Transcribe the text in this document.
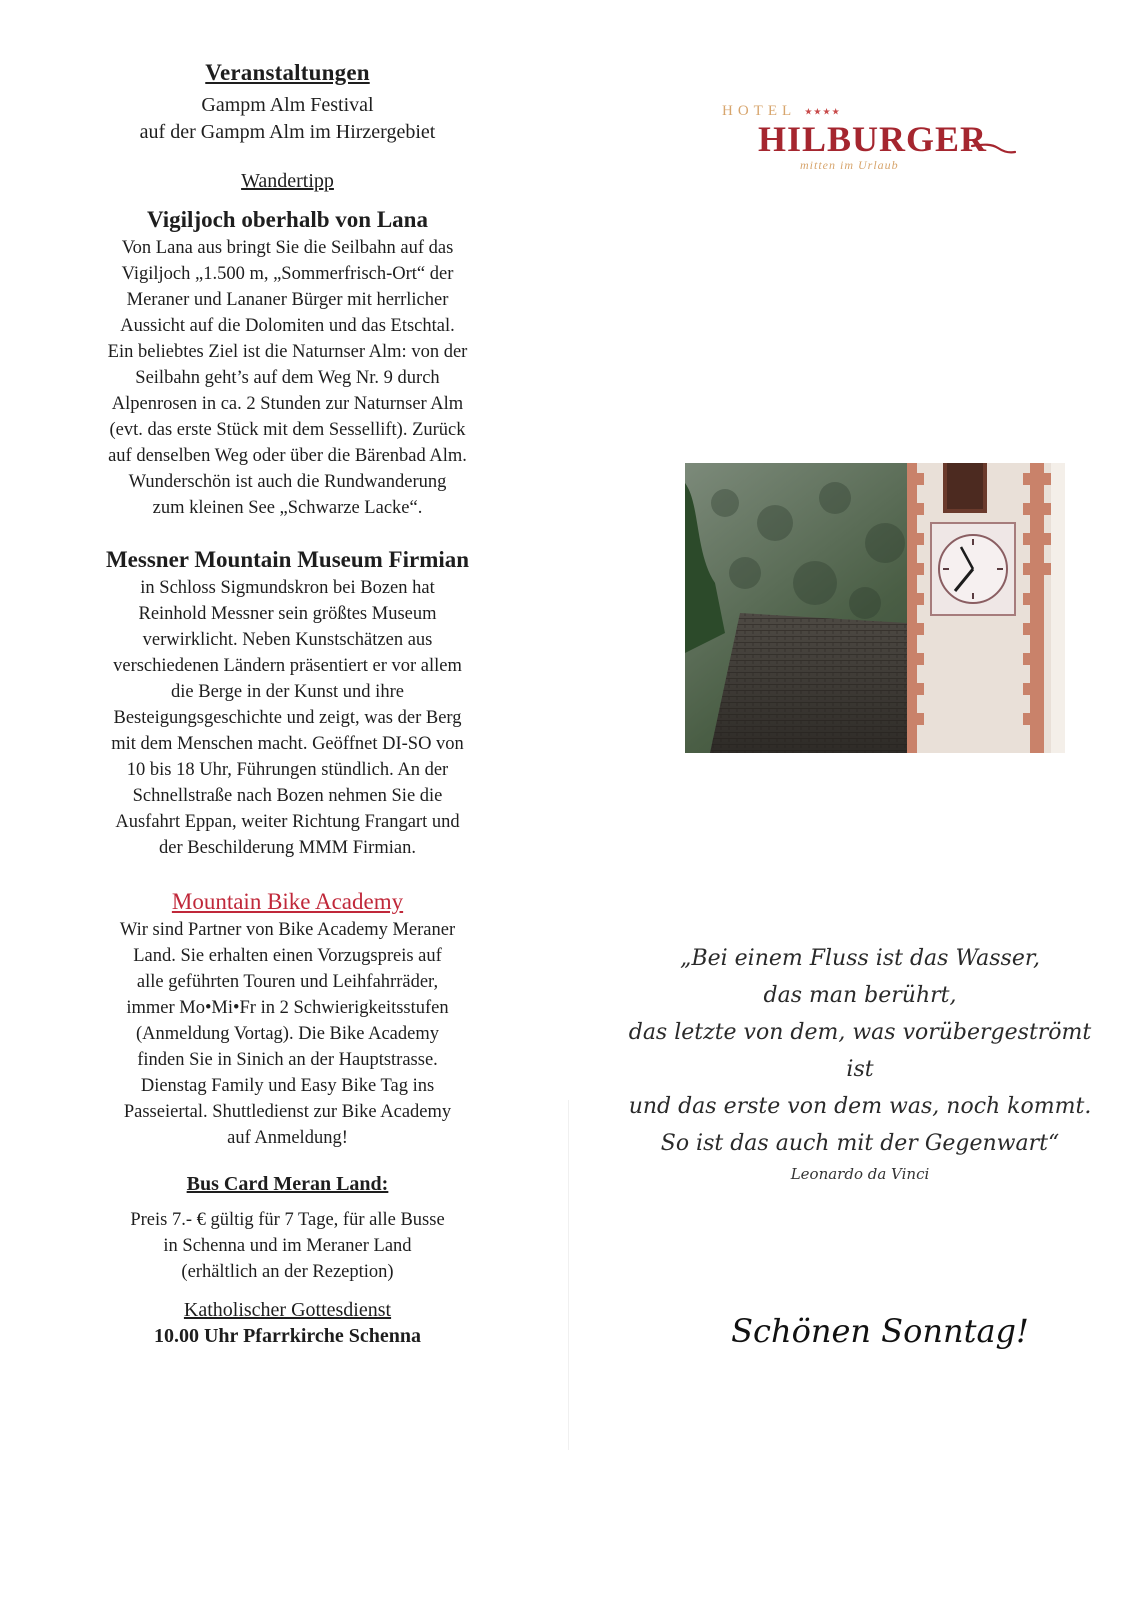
Veranstaltungen

Gampm Alm Festival

auf der Gampm Alm im Hirzergebiet

Wandertipp

Vigiljoch oberhalb von Lana

Von Lana aus bringt Sie die Seilbahn auf das

Vigiljoch „1.500 m, „Sommerfrisch-Ort“ der

Meraner und Lananer Bürger mit herrlicher

Aussicht auf die Dolomiten und das Etschtal.

Ein beliebtes Ziel ist die Naturnser Alm: von der

Seilbahn geht’s auf dem Weg Nr. 9 durch

Alpenrosen in ca. 2 Stunden zur Naturnser Alm

(evt. das erste Stück mit dem Sessellift). Zurück

auf denselben Weg oder über die Bärenbad Alm.

Wunderschön ist auch die Rundwanderung

zum kleinen See „Schwarze Lacke“.

Messner Mountain Museum Firmian

in Schloss Sigmundskron bei Bozen hat

Reinhold Messner sein größtes Museum

verwirklicht. Neben Kunstschätzen aus

verschiedenen Ländern präsentiert er vor allem

die Berge in der Kunst und ihre

Besteigungsgeschichte und zeigt, was der Berg

mit dem Menschen macht. Geöffnet DI-SO von

10 bis 18 Uhr, Führungen stündlich. An der

Schnellstraße nach Bozen nehmen Sie die

Ausfahrt Eppan, weiter Richtung Frangart und

der Beschilderung MMM Firmian.

Mountain Bike Academy

Wir sind Partner von Bike Academy Meraner

Land. Sie erhalten einen Vorzugspreis auf

alle geführten Touren und Leihfahrräder,

immer Mo•Mi•Fr in 2 Schwierigkeitsstufen

(Anmeldung Vortag). Die Bike Academy

finden Sie in Sinich an der Hauptstrasse.

Dienstag Family und Easy Bike Tag ins

Passeiertal. Shuttledienst zur Bike Academy

auf Anmeldung!

Bus Card Meran Land:

Preis 7.- € gültig für 7 Tage, für alle Busse

in Schenna und im Meraner Land

(erhältlich an der Rezeption)

Katholischer Gottesdienst

10.00 Uhr Pfarrkirche Schenna

HOTEL ★★★★
HILBURGER
mitten im Urlaub
„Bei einem Fluss ist das Wasser,
das man berührt,
das letzte von dem, was vorübergeströmt ist
und das erste von dem was, noch kommt.
So ist das auch mit der Gegenwart“
Leonardo da Vinci
Schönen Sonntag!
